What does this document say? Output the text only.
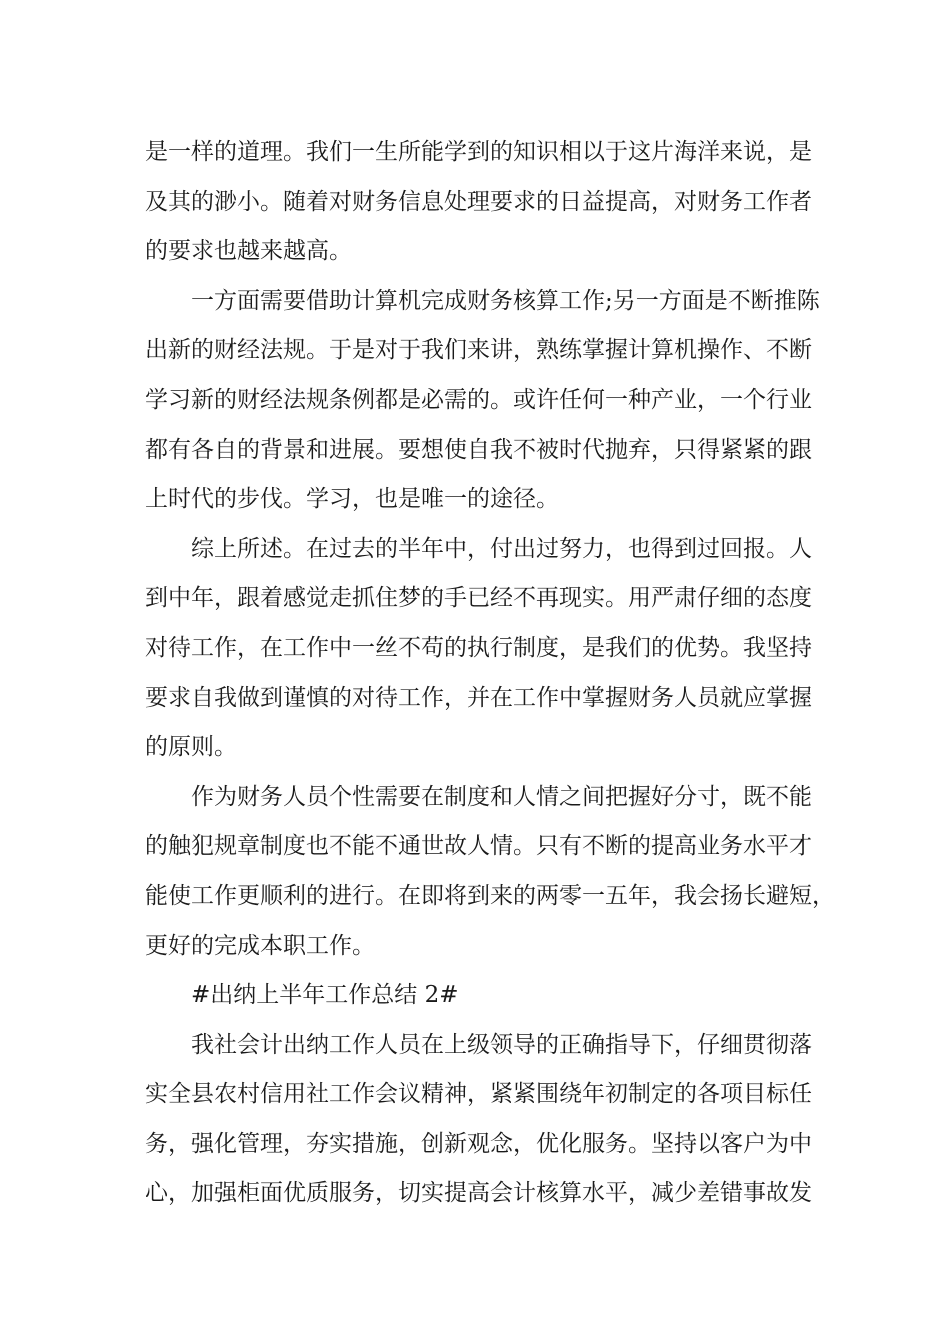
是一样的道理。我们一生所能学到的知识相以于这片海洋来说，是
及其的渺小。随着对财务信息处理要求的日益提高，对财务工作者
的要求也越来越高。

一方面需要借助计算机完成财务核算工作;另一方面是不断推陈
出新的财经法规。于是对于我们来讲，熟练掌握计算机操作、不断
学习新的财经法规条例都是必需的。或许任何一种产业，一个行业
都有各自的背景和进展。要想使自我不被时代抛弃，只得紧紧的跟
上时代的步伐。学习，也是唯一的途径。

综上所述。在过去的半年中，付出过努力，也得到过回报。人
到中年，跟着感觉走抓住梦的手已经不再现实。用严肃仔细的态度
对待工作，在工作中一丝不苟的执行制度，是我们的优势。我坚持
要求自我做到谨慎的对待工作，并在工作中掌握财务人员就应掌握
的原则。

作为财务人员个性需要在制度和人情之间把握好分寸，既不能
的触犯规章制度也不能不通世故人情。只有不断的提高业务水平才
能使工作更顺利的进行。在即将到来的两零一五年，我会扬长避短，
更好的完成本职工作。

#出纳上半年工作总结 2#

我社会计出纳工作人员在上级领导的正确指导下，仔细贯彻落
实全县农村信用社工作会议精神，紧紧围绕年初制定的各项目标任
务，强化管理，夯实措施，创新观念，优化服务。坚持以客户为中
心，加强柜面优质服务，切实提高会计核算水平，减少差错事故发
